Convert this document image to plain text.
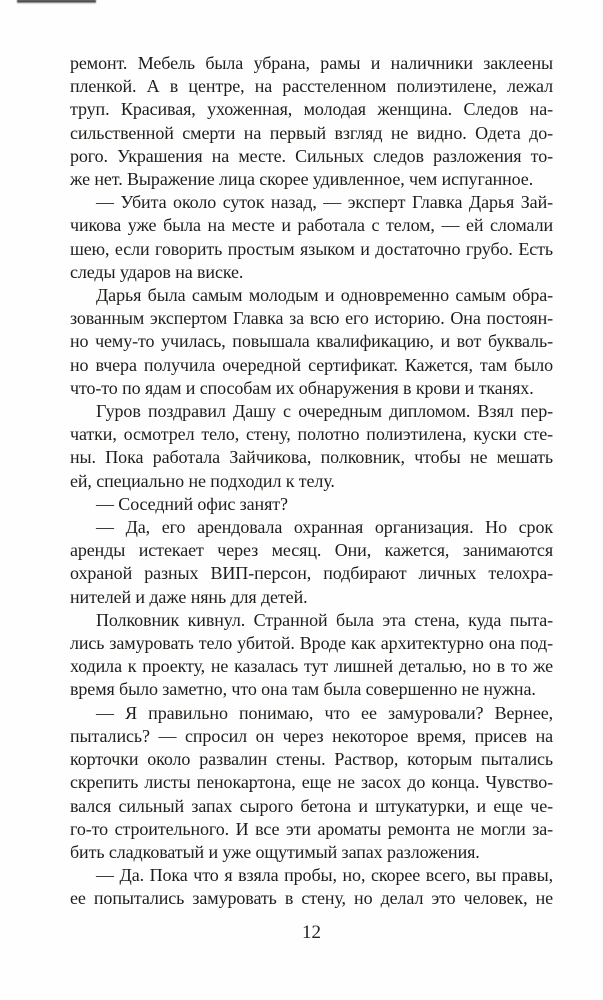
ремонт. Мебель была убрана, рамы и наличники заклеены
пленкой. А в центре, на расстеленном полиэтилене, лежал
труп. Красивая, ухоженная, молодая женщина. Следов на-
сильственной смерти на первый взгляд не видно. Одета до-
рого. Украшения на месте. Сильных следов разложения то-
же нет. Выражение лица скорее удивленное, чем испуганное.
— Убита около суток назад, — эксперт Главка Дарья Зай-
чикова уже была на месте и работала с телом, — ей сломали
шею, если говорить простым языком и достаточно грубо. Есть
следы ударов на виске.
Дарья была самым молодым и одновременно самым обра-
зованным экспертом Главка за всю его историю. Она постоян-
но чему-то училась, повышала квалификацию, и вот букваль-
но вчера получила очередной сертификат. Кажется, там было
что-то по ядам и способам их обнаружения в крови и тканях.
Гуров поздравил Дашу с очередным дипломом. Взял пер-
чатки, осмотрел тело, стену, полотно полиэтилена, куски сте-
ны. Пока работала Зайчикова, полковник, чтобы не мешать
ей, специально не подходил к телу.
— Соседний офис занят?
— Да, его арендовала охранная организация. Но срок
аренды истекает через месяц. Они, кажется, занимаются
охраной разных ВИП-персон, подбирают личных телохра-
нителей и даже нянь для детей.
Полковник кивнул. Странной была эта стена, куда пыта-
лись замуровать тело убитой. Вроде как архитектурно она под-
ходила к проекту, не казалась тут лишней деталью, но в то же
время было заметно, что она там была совершенно не нужна.
— Я правильно понимаю, что ее замуровали? Вернее,
пытались? — спросил он через некоторое время, присев на
корточки около развалин стены. Раствор, которым пытались
скрепить листы пенокартона, еще не засох до конца. Чувство-
вался сильный запах сырого бетона и штукатурки, и еще че-
го-то строительного. И все эти ароматы ремонта не могли за-
бить сладковатый и уже ощутимый запах разложения.
— Да. Пока что я взяла пробы, но, скорее всего, вы правы,
ее попытались замуровать в стену, но делал это человек, не
12
